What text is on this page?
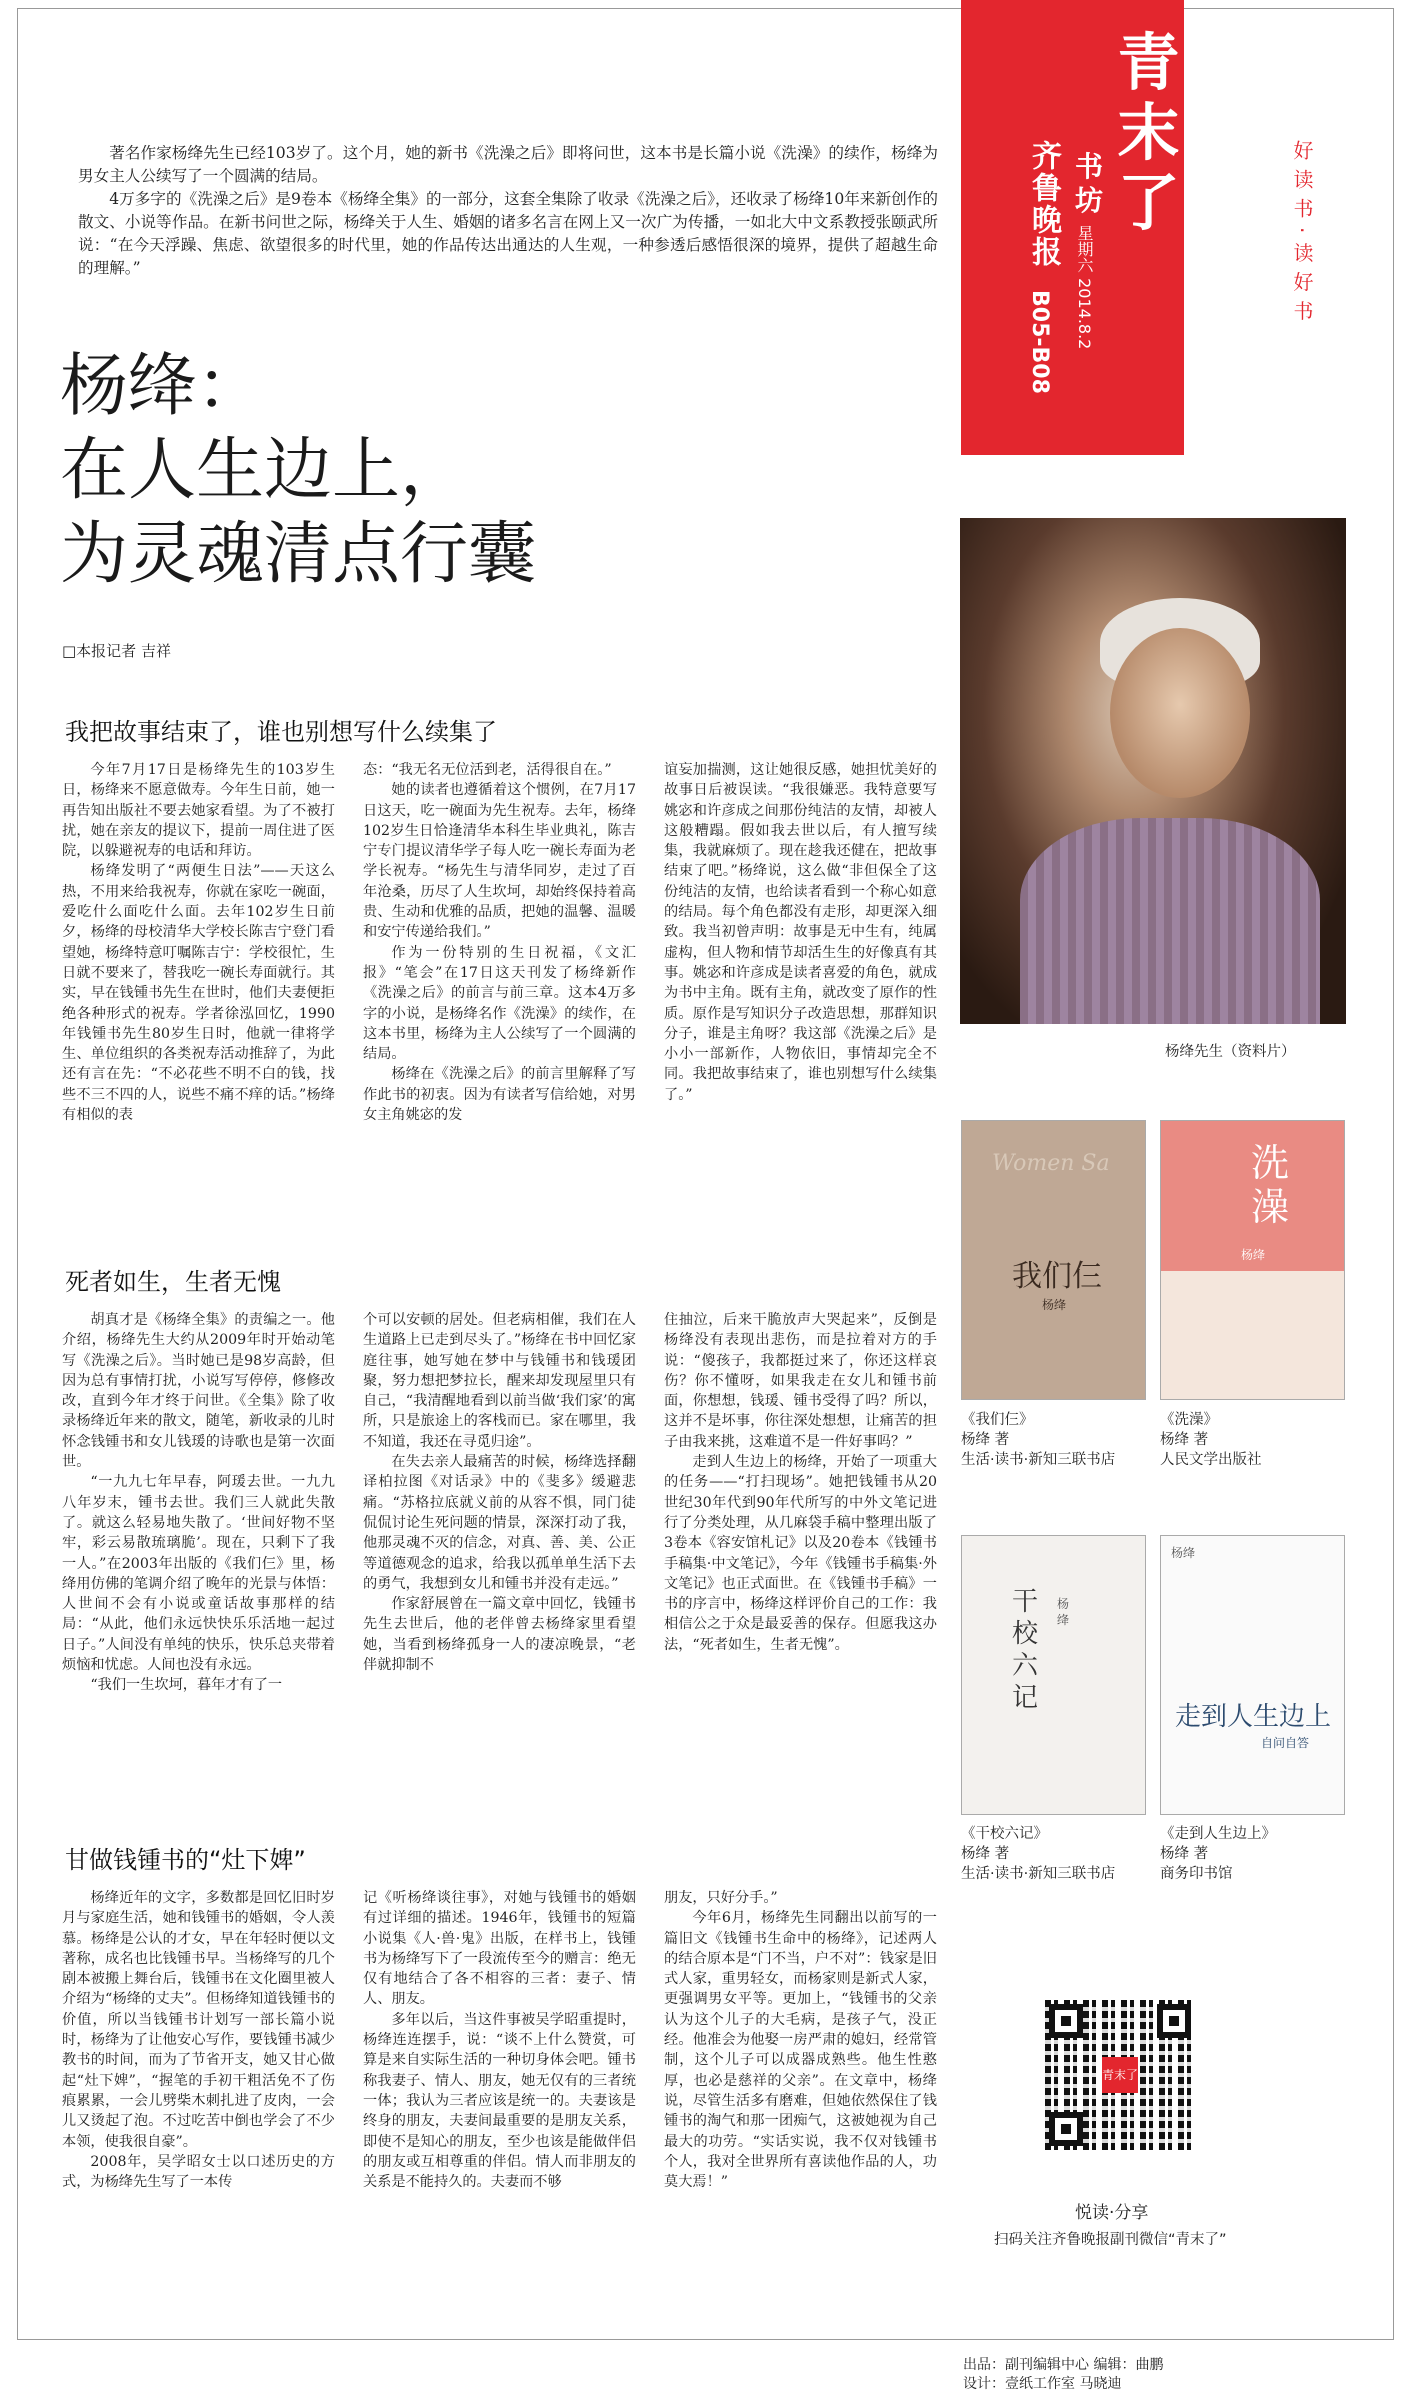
青末了
齐鲁晚报 书坊
星期六 2014.8.2
B05-B08
好读书·读好书

著名作家杨绛先生已经103岁了。这个月，她的新书《洗澡之后》即将问世，这本书是长篇小说《洗澡》的续作，杨绛为男女主人公续写了一个圆满的结局。

4万多字的《洗澡之后》是9卷本《杨绛全集》的一部分，这套全集除了收录《洗澡之后》，还收录了杨绛10年来新创作的散文、小说等作品。在新书问世之际，杨绛关于人生、婚姻的诸多名言在网上又一次广为传播，一如北大中文系教授张颐武所说：“在今天浮躁、焦虑、欲望很多的时代里，她的作品传达出通达的人生观，一种参透后感悟很深的境界，提供了超越生命的理解。”

杨绛：
在人生边上，
为灵魂清点行囊
□本报记者 吉祥
我把故事结束了，谁也别想写什么续集了

今年7月17日是杨绛先生的103岁生日，杨绛来不愿意做寿。今年生日前，她一再告知出版社不要去她家看望。为了不被打扰，她在亲友的提议下，提前一周住进了医院，以躲避祝寿的电话和拜访。

杨绛发明了“两便生日法”——天这么热，不用来给我祝寿，你就在家吃一碗面，爱吃什么面吃什么面。去年102岁生日前夕，杨绛的母校清华大学校长陈吉宁登门看望她，杨绛特意叮嘱陈吉宁：学校很忙，生日就不要来了，替我吃一碗长寿面就行。其实，早在钱锺书先生在世时，他们夫妻便拒绝各种形式的祝寿。学者徐泓回忆，1990年钱锺书先生80岁生日时，他就一律将学生、单位组织的各类祝寿活动推辞了，为此还有言在先：“不必花些不明不白的钱，找些不三不四的人，说些不痛不痒的话。”杨绛有相似的表

态：“我无名无位活到老，活得很自在。”

她的读者也遵循着这个惯例，在7月17日这天，吃一碗面为先生祝寿。去年，杨绛102岁生日恰逢清华本科生毕业典礼，陈吉宁专门提议清华学子每人吃一碗长寿面为老学长祝寿。“杨先生与清华同岁，走过了百年沧桑，历尽了人生坎坷，却始终保持着高贵、生动和优雅的品质，把她的温馨、温暖和安宁传递给我们。”

作为一份特别的生日祝福，《文汇报》“笔会”在17日这天刊发了杨绛新作《洗澡之后》的前言与前三章。这本4万多字的小说，是杨绛名作《洗澡》的续作，在这本书里，杨绛为主人公续写了一个圆满的结局。

杨绛在《洗澡之后》的前言里解释了写作此书的初衷。因为有读者写信给她，对男女主角姚宓的发

谊妄加揣测，这让她很反感，她担忧美好的故事日后被误读。“我很嫌恶。我特意要写姚宓和许彦成之间那份纯洁的友情，却被人这般糟蹋。假如我去世以后，有人擅写续集，我就麻烦了。现在趁我还健在，把故事结束了吧。”杨绛说，这么做“非但保全了这份纯洁的友情，也给读者看到一个称心如意的结局。每个角色都没有走形，却更深入细致。我当初曾声明：故事是无中生有，纯属虚构，但人物和情节却活生生的好像真有其事。姚宓和许彦成是读者喜爱的角色，就成为书中主角。既有主角，就改变了原作的性质。原作是写知识分子改造思想，那群知识分子，谁是主角呀？我这部《洗澡之后》是小小一部新作，人物依旧，事情却完全不同。我把故事结束了，谁也别想写什么续集了。”

死者如生，生者无愧

胡真才是《杨绛全集》的责编之一。他介绍，杨绛先生大约从2009年时开始动笔写《洗澡之后》。当时她已是98岁高龄，但因为总有事情打扰，小说写写停停，修修改改，直到今年才终于问世。《全集》除了收录杨绛近年来的散文，随笔，新收录的儿时怀念钱锺书和女儿钱瑗的诗歌也是第一次面世。

“一九九七年早春，阿瑗去世。一九九八年岁末，锺书去世。我们三人就此失散了。就这么轻易地失散了。‘世间好物不坚牢，彩云易散琉璃脆’。现在，只剩下了我一人。”在2003年出版的《我们仨》里，杨绛用仿佛的笔调介绍了晚年的光景与体悟：人世间不会有小说或童话故事那样的结局：“从此，他们永远快快乐乐活地一起过日子。”人间没有单纯的快乐，快乐总夹带着烦恼和忧虑。人间也没有永远。

“我们一生坎坷，暮年才有了一

个可以安顿的居处。但老病相催，我们在人生道路上已走到尽头了。”杨绛在书中回忆家庭往事，她写她在梦中与钱锺书和钱瑗团聚，努力想把梦拉长，醒来却发现屋里只有自己，“我清醒地看到以前当做‘我们家’的寓所，只是旅途上的客栈而已。家在哪里，我不知道，我还在寻觅归途”。

在失去亲人最痛苦的时候，杨绛选择翻译柏拉图《对话录》中的《斐多》缓避悲痛。“苏格拉底就义前的从容不惧，同门徒侃侃讨论生死问题的情景，深深打动了我，他那灵魂不灭的信念，对真、善、美、公正等道德观念的追求，给我以孤单单生活下去的勇气，我想到女儿和锺书并没有走远。”

作家舒展曾在一篇文章中回忆，钱锺书先生去世后，他的老伴曾去杨绛家里看望她，当看到杨绛孤身一人的凄凉晚景，“老伴就抑制不

住抽泣，后来干脆放声大哭起来”，反倒是杨绛没有表现出悲伤，而是拉着对方的手说：“傻孩子，我都挺过来了，你还这样哀伤？你不懂呀，如果我走在女儿和锺书前面，你想想，钱瑗、锺书受得了吗？所以，这并不是坏事，你往深处想想，让痛苦的担子由我来挑，这难道不是一件好事吗？”

走到人生边上的杨绛，开始了一项重大的任务——“打扫现场”。她把钱锺书从20世纪30年代到90年代所写的中外文笔记进行了分类处理，从几麻袋手稿中整理出版了3卷本《容安馆札记》以及20卷本《钱锺书手稿集·中文笔记》，今年《钱锺书手稿集·外文笔记》也正式面世。在《钱锺书手稿》一书的序言中，杨绛这样评价自己的工作：我相信公之于众是最妥善的保存。但愿我这办法，“死者如生，生者无愧”。

甘做钱锺书的“灶下婢”

杨绛近年的文字，多数都是回忆旧时岁月与家庭生活，她和钱锺书的婚姻，令人羡慕。杨绛是公认的才女，早在年轻时便以文著称，成名也比钱锺书早。当杨绛写的几个剧本被搬上舞台后，钱锺书在文化圈里被人介绍为“杨绛的丈夫”。但杨绛知道钱锺书的价值，所以当钱锺书计划写一部长篇小说时，杨绛为了让他安心写作，要钱锺书减少教书的时间，而为了节省开支，她又甘心做起“灶下婢”，“握笔的手初干粗活免不了伤痕累累，一会儿劈柴木刺扎进了皮肉，一会儿又烫起了泡。不过吃苦中倒也学会了不少本领，使我很自豪”。

2008年，吴学昭女士以口述历史的方式，为杨绛先生写了一本传

记《听杨绛谈往事》，对她与钱锺书的婚姻有过详细的描述。1946年，钱锺书的短篇小说集《人·兽·鬼》出版，在样书上，钱锺书为杨绛写下了一段流传至今的赠言：绝无仅有地结合了各不相容的三者：妻子、情人、朋友。

多年以后，当这件事被吴学昭重提时，杨绛连连摆手，说：“谈不上什么赞赏，可算是来自实际生活的一种切身体会吧。锺书称我妻子、情人、朋友，她无仅有的三者统一体；我认为三者应该是统一的。夫妻该是终身的朋友，夫妻间最重要的是朋友关系，即使不是知心的朋友，至少也该是能做伴侣的朋友或互相尊重的伴侣。情人而非朋友的关系是不能持久的。夫妻而不够

朋友，只好分手。”

今年6月，杨绛先生同翻出以前写的一篇旧文《钱锺书生命中的杨绛》，记述两人的结合原本是“门不当，户不对”：钱家是旧式人家，重男轻女，而杨家则是新式人家，更强调男女平等。更加上，“钱锺书的父亲认为这个儿子的大毛病，是孩子气，没正经。他准会为他娶一房严肃的媳妇，经常管制，这个儿子可以成器成熟些。他生性憨厚，也必是慈祥的父亲”。在文章中，杨绛说，尽管生活多有磨难，但她依然保住了钱锺书的淘气和那一团痴气，这被她视为自己最大的功劳。“实话实说，我不仅对钱锺书个人，我对全世界所有喜读他作品的人，功莫大焉！”

杨绛先生（资料片）
Women Sa
我们仨
杨绛
洗澡
杨绛
干校六记
杨绛
杨绛
走到人生边上
自问自答
《我们仨》
杨绛 著
生活·读书·新知三联书店
《洗澡》
杨绛 著
人民文学出版社
《干校六记》
杨绛 著
生活·读书·新知三联书店
《走到人生边上》
杨绛 著
商务印书馆
青末了
悦读·分享
扫码关注齐鲁晚报副刊微信“青末了”
出品：副刊编辑中心 编辑：曲鹏
设计：壹纸工作室 马晓迪
